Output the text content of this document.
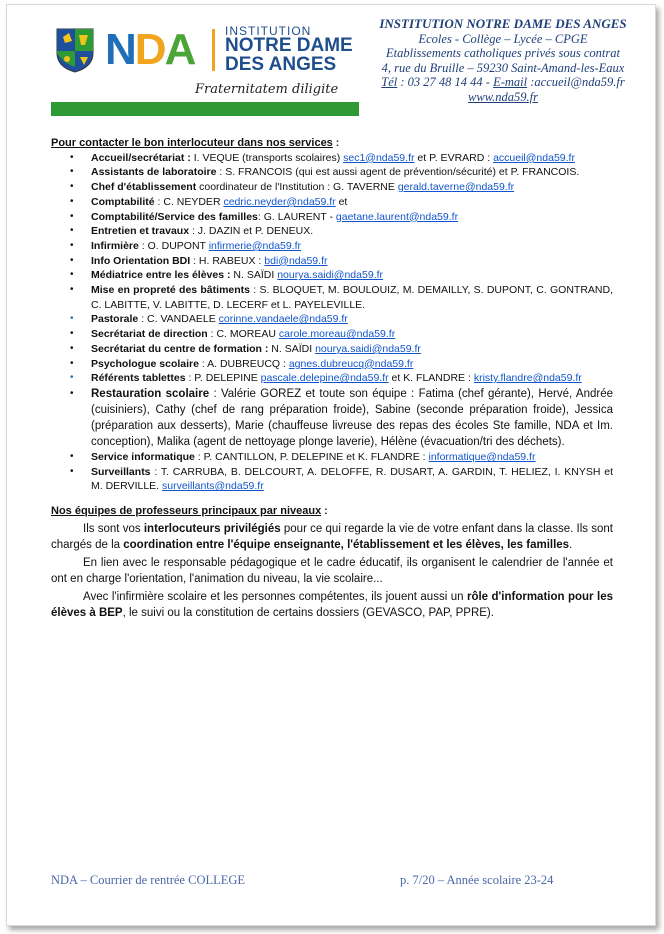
NDA	INSTITUTION
NOTRE DAME
DES ANGES
Fraternitatem diligite
INSTITUTION NOTRE DAME DES ANGES
Ecoles - Collège – Lycée – CPGE
Etablissements catholiques privés sous contrat
4, rue du Bruille – 59230 Saint-Amand-les-Eaux
Tél : 03 27 48 14 44 - E-mail :accueil@nda59.fr
www.nda59.fr
Pour contacter le bon interlocuteur dans nos services :
• Accueil/secrétariat : I. VEQUE (transports scolaires) sec1@nda59.fr et P. EVRARD : accueil@nda59.fr
• Assistants de laboratoire : S. FRANCOIS (qui est aussi agent de prévention/sécurité) et P. FRANCOIS.
• Chef d'établissement coordinateur de l'Institution : G. TAVERNE gerald.taverne@nda59.fr
• Comptabilité : C. NEYDER cedric.neyder@nda59.fr et
• Comptabilité/Service des familles: G. LAURENT - gaetane.laurent@nda59.fr
• Entretien et travaux : J. DAZIN et P. DENEUX.
• Infirmière : O. DUPONT infirmerie@nda59.fr
• Info Orientation BDI : H. RABEUX : bdi@nda59.fr
• Médiatrice entre les élèves : N. SAÏDI nourya.saidi@nda59.fr
• Mise en propreté des bâtiments : S. BLOQUET, M. BOULOUIZ, M. DEMAILLY, S. DUPONT, C. GONTRAND, C. LABITTE, V. LABITTE, D. LECERF et L. PAYELEVILLE.
• Pastorale : C. VANDAELE corinne.vandaele@nda59.fr
• Secrétariat de direction : C. MOREAU carole.moreau@nda59.fr
• Secrétariat du centre de formation : N. SAÏDI nourya.saidi@nda59.fr
• Psychologue scolaire : A. DUBREUCQ : agnes.dubreucq@nda59.fr
• Référents tablettes : P. DELEPINE pascale.delepine@nda59.fr et K. FLANDRE : kristy.flandre@nda59.fr
• Restauration scolaire : Valérie GOREZ et toute son équipe : Fatima (chef gérante), Hervé, Andrée (cuisiniers), Cathy (chef de rang préparation froide), Sabine (seconde préparation froide), Jessica (préparation aux desserts), Marie (chauffeuse livreuse des repas des écoles Ste famille, NDA et Im. conception), Malika (agent de nettoyage plonge laverie), Hélène (évacuation/tri des déchets).
• Service informatique : P. CANTILLON, P. DELEPINE et K. FLANDRE : informatique@nda59.fr
• Surveillants : T. CARRUBA, B. DELCOURT, A. DELOFFE, R. DUSART, A. GARDIN, T. HELIEZ, I. KNYSH et M. DERVILLE. surveillants@nda59.fr
Nos équipes de professeurs principaux par niveaux :

Ils sont vos interlocuteurs privilégiés pour ce qui regarde la vie de votre enfant dans la classe. Ils sont chargés de la coordination entre l'équipe enseignante, l'établissement et les élèves, les familles.

En lien avec le responsable pédagogique et le cadre éducatif, ils organisent le calendrier de l'année et ont en charge l'orientation, l'animation du niveau, la vie scolaire...

Avec l'infirmière scolaire et les personnes compétentes, ils jouent aussi un rôle d'information pour les élèves à BEP, le suivi ou la constitution de certains dossiers (GEVASCO, PAP, PPRE).

NDA – Courrier de rentrée COLLEGE	p. 7/20 – Année scolaire 23-24
